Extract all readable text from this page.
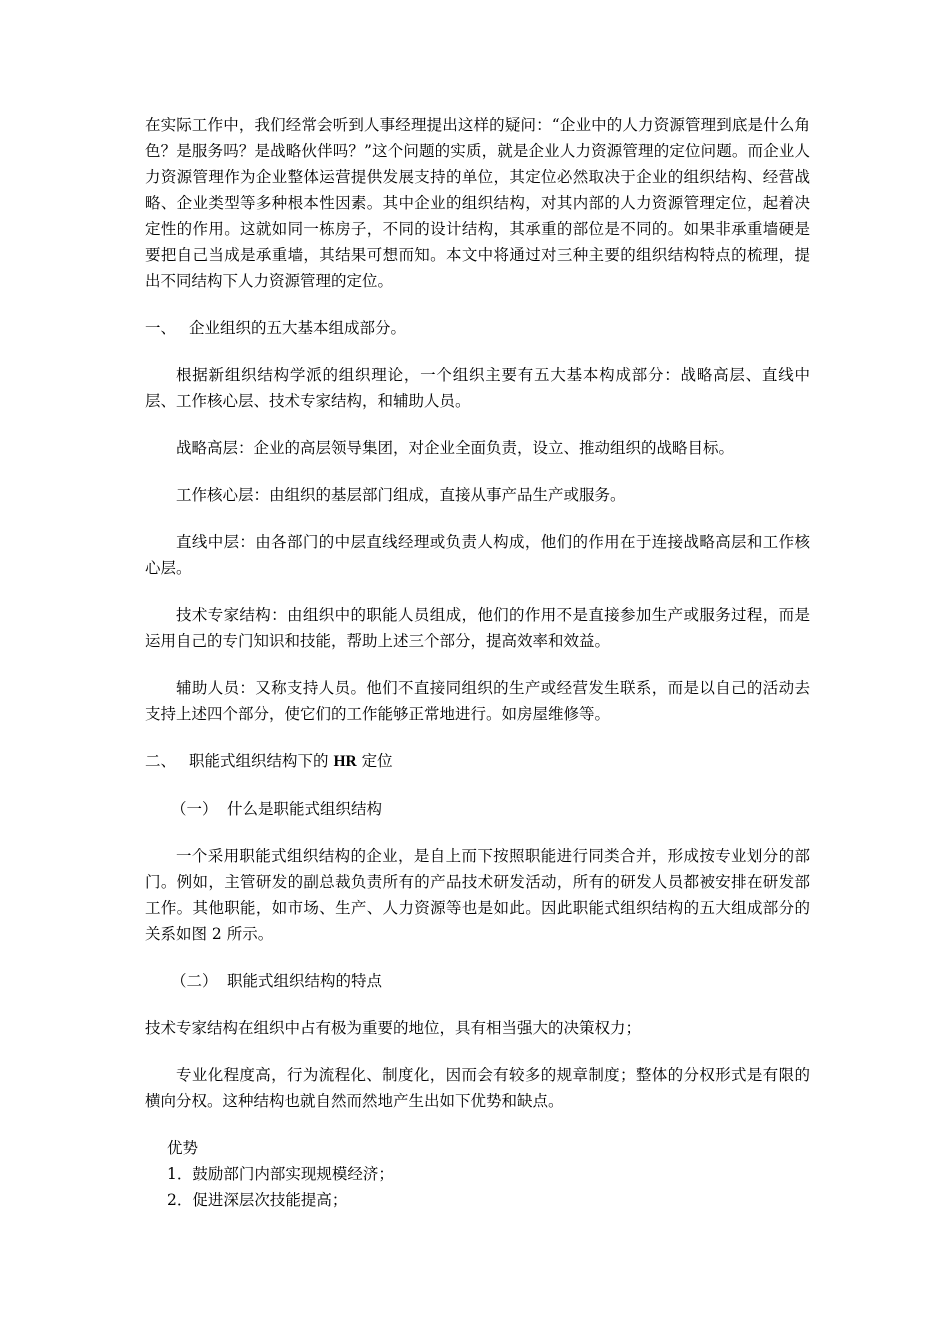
在实际工作中，我们经常会听到人事经理提出这样的疑问：“企业中的人力资源管理到底是什么角色？是服务吗？是战略伙伴吗？”这个问题的实质，就是企业人力资源管理的定位问题。而企业人力资源管理作为企业整体运营提供发展支持的单位，其定位必然取决于企业的组织结构、经营战略、企业类型等多种根本性因素。其中企业的组织结构，对其内部的人力资源管理定位，起着决定性的作用。这就如同一栋房子，不同的设计结构，其承重的部位是不同的。如果非承重墙硬是要把自己当成是承重墙，其结果可想而知。本文中将通过对三种主要的组织结构特点的梳理，提出不同结构下人力资源管理的定位。

一、 企业组织的五大基本组成部分。

根据新组织结构学派的组织理论，一个组织主要有五大基本构成部分：战略高层、直线中层、工作核心层、技术专家结构，和辅助人员。

战略高层：企业的高层领导集团，对企业全面负责，设立、推动组织的战略目标。

工作核心层：由组织的基层部门组成，直接从事产品生产或服务。

直线中层：由各部门的中层直线经理或负责人构成，他们的作用在于连接战略高层和工作核心层。

技术专家结构：由组织中的职能人员组成，他们的作用不是直接参加生产或服务过程，而是运用自己的专门知识和技能，帮助上述三个部分，提高效率和效益。

辅助人员：又称支持人员。他们不直接同组织的生产或经营发生联系，而是以自己的活动去支持上述四个部分，使它们的工作能够正常地进行。如房屋维修等。

二、 职能式组织结构下的 HR 定位

（一） 什么是职能式组织结构

一个采用职能式组织结构的企业，是自上而下按照职能进行同类合并，形成按专业划分的部门。例如，主管研发的副总裁负责所有的产品技术研发活动，所有的研发人员都被安排在研发部工作。其他职能，如市场、生产、人力资源等也是如此。因此职能式组织结构的五大组成部分的关系如图 2 所示。

（二） 职能式组织结构的特点

技术专家结构在组织中占有极为重要的地位，具有相当强大的决策权力；

专业化程度高，行为流程化、制度化，因而会有较多的规章制度；整体的分权形式是有限的横向分权。这种结构也就自然而然地产生出如下优势和缺点。

优势

1．鼓励部门内部实现规模经济；

2．促进深层次技能提高；
